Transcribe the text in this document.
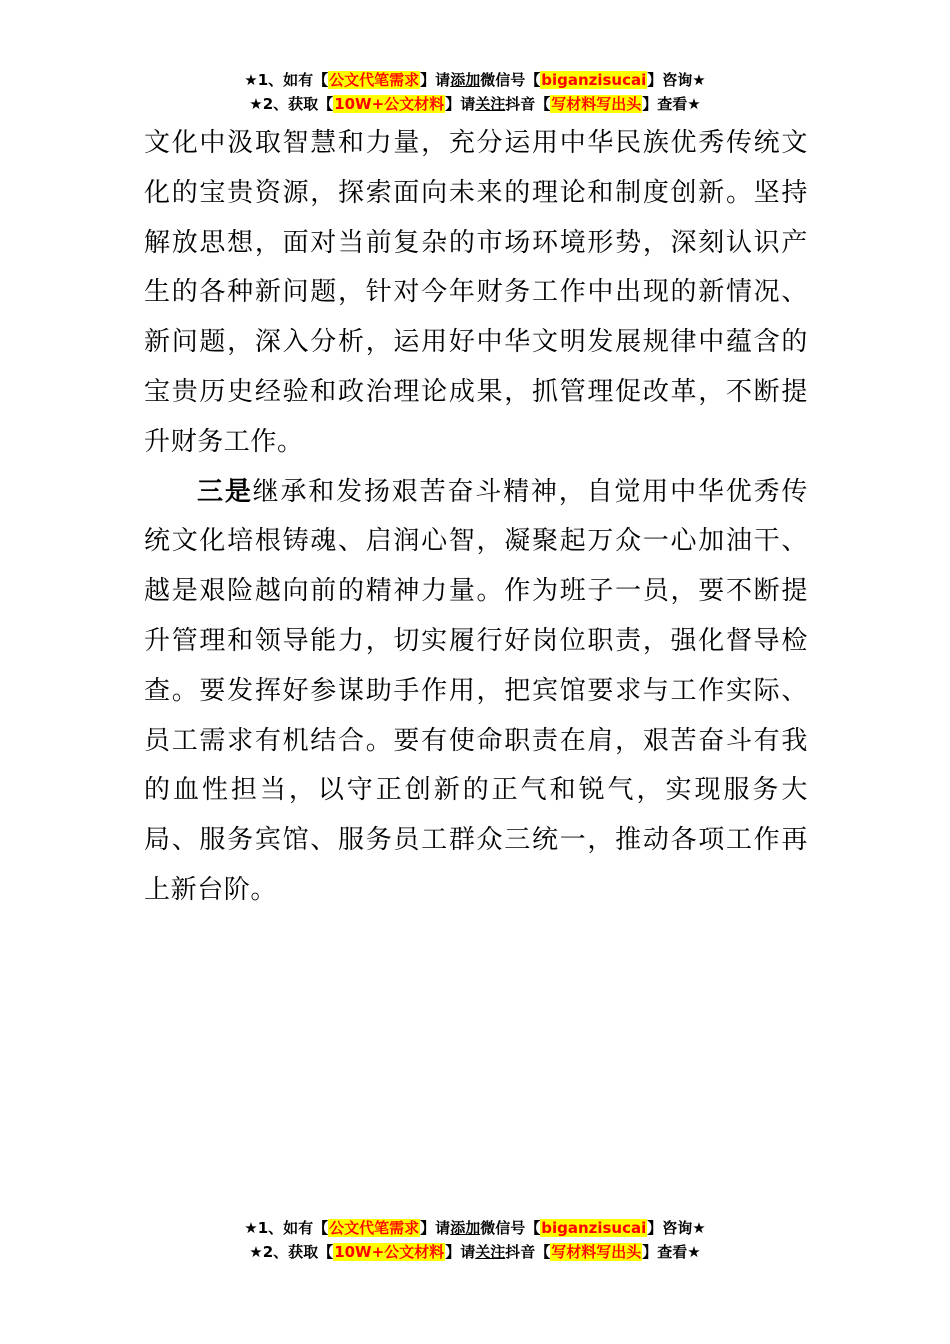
★1、如有【公文代笔需求】请添加微信号【biganzisucai】咨询★
★2、获取【10W+公文材料】请关注抖音【写材料写出头】查看★

文化中汲取智慧和力量，充分运用中华民族优秀传统文化的宝贵资源，探索面向未来的理论和制度创新。坚持解放思想，面对当前复杂的市场环境形势，深刻认识产生的各种新问题，针对今年财务工作中出现的新情况、新问题，深入分析，运用好中华文明发展规律中蕴含的宝贵历史经验和政治理论成果，抓管理促改革，不断提升财务工作。

三是继承和发扬艰苦奋斗精神，自觉用中华优秀传统文化培根铸魂、启润心智，凝聚起万众一心加油干、越是艰险越向前的精神力量。作为班子一员，要不断提升管理和领导能力，切实履行好岗位职责，强化督导检查。要发挥好参谋助手作用，把宾馆要求与工作实际、员工需求有机结合。要有使命职责在肩，艰苦奋斗有我的血性担当，以守正创新的正气和锐气，实现服务大局、服务宾馆、服务员工群众三统一，推动各项工作再上新台阶。

★1、如有【公文代笔需求】请添加微信号【biganzisucai】咨询★
★2、获取【10W+公文材料】请关注抖音【写材料写出头】查看★
